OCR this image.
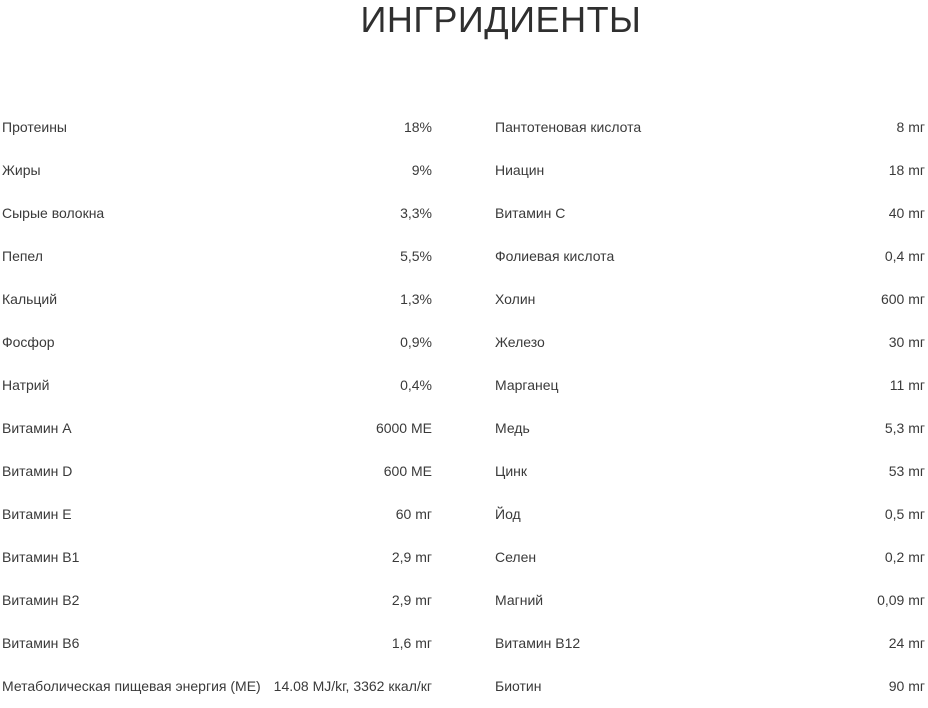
ИНГРИДИЕНТЫ
Протеины	18%
Жиры	9%
Сырые волокна	3,3%
Пепел	5,5%
Кальций	1,3%
Фосфор	0,9%
Натрий	0,4%
Витамин А	6000 МЕ
Витамин D	600 МЕ
Витамин Е	60 mг
Витамин В1	2,9 mг
Витамин В2	2,9 mг
Витамин В6	1,6 mг
Метаболическая пищевая энергия (МЕ) 14.08 MJ/kг, 3362 ккал/кг
Пантотеновая кислота	8 mг
Ниацин	18 mг
Витамин С	40 mг
Фолиевая кислота	0,4 mг
Холин	600 mг
Железо	30 mг
Марганец	11 mг
Медь	5,3 mг
Цинк	53 mг
Йод	0,5 mг
Селен	0,2 mг
Магний	0,09 mг
Витамин В12	24 mг
Биотин	90 mг
